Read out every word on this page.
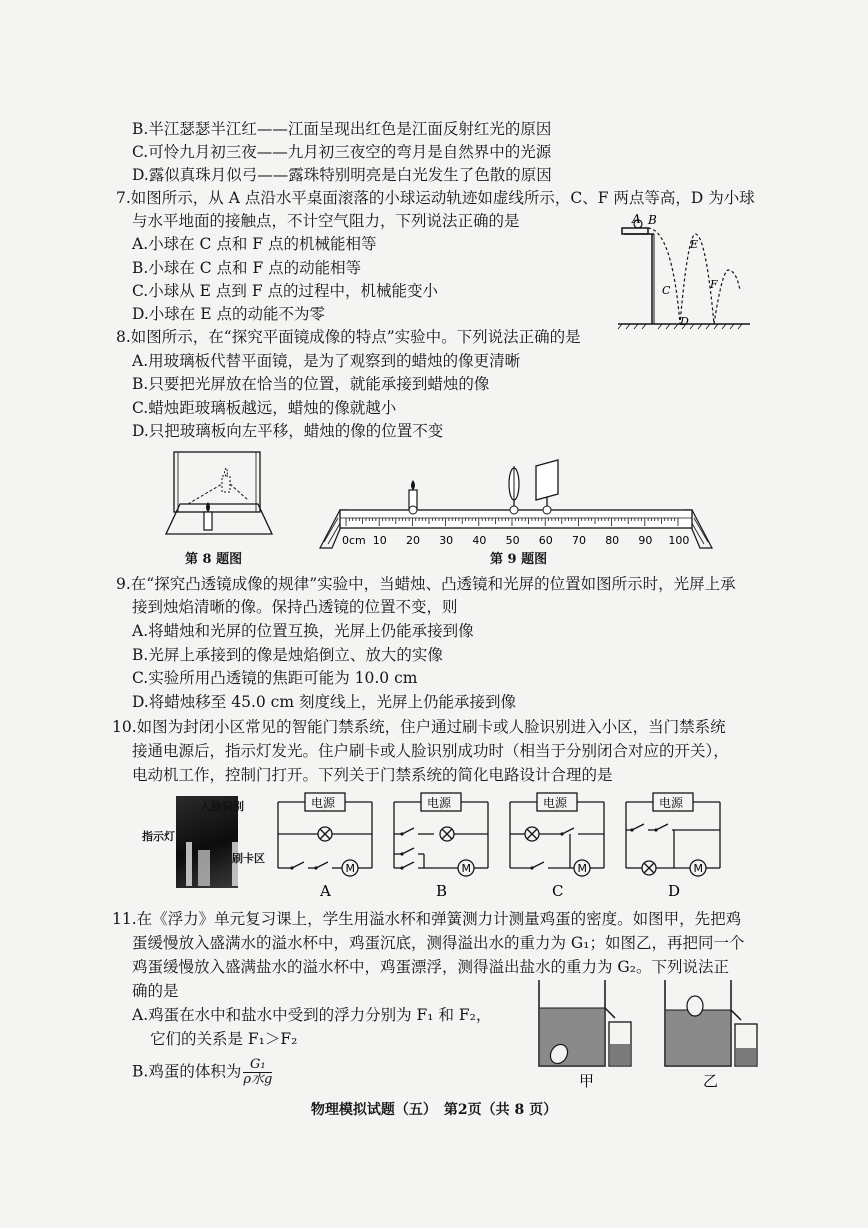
B.半江瑟瑟半江红——江面呈现出红色是江面反射红光的原因
C.可怜九月初三夜——九月初三夜空的弯月是自然界中的光源
D.露似真珠月似弓——露珠特别明亮是白光发生了色散的原因
7.如图所示，从 A 点沿水平桌面滚落的小球运动轨迹如虚线所示，C、F 两点等高，D 为小球
与水平地面的接触点，不计空气阻力，下列说法正确的是
A.小球在 C 点和 F 点的机械能相等
B.小球在 C 点和 F 点的动能相等
C.小球从 E 点到 F 点的过程中，机械能变小
D.小球在 E 点的动能不为零
A B
C
E
F
D
8.如图所示，在“探究平面镜成像的特点”实验中。下列说法正确的是
A.用玻璃板代替平面镜，是为了观察到的蜡烛的像更清晰
B.只要把光屏放在恰当的位置，就能承接到蜡烛的像
C.蜡烛距玻璃板越远，蜡烛的像就越小
D.只把玻璃板向左平移，蜡烛的像的位置不变
第 8 题图
0cm 10 20 30 40 50 60 70 80 90 100
第 9 题图
9.在“探究凸透镜成像的规律”实验中，当蜡烛、凸透镜和光屏的位置如图所示时，光屏上承
接到烛焰清晰的像。保持凸透镜的位置不变，则
A.将蜡烛和光屏的位置互换，光屏上仍能承接到像
B.光屏上承接到的像是烛焰倒立、放大的实像
C.实验所用凸透镜的焦距可能为 10.0 cm
D.将蜡烛移至 45.0 cm 刻度线上，光屏上仍能承接到像
10.如图为封闭小区常见的智能门禁系统，住户通过刷卡或人脸识别进入小区，当门禁系统
接通电源后，指示灯发光。住户刷卡或人脸识别成功时（相当于分别闭合对应的开关），
电动机工作，控制门打开。下列关于门禁系统的简化电路设计合理的是
人脸识别
指示灯
刷卡区
电源
M
A
电源
M
B
电源
M
C
电源
M
D
11.在《浮力》单元复习课上，学生用溢水杯和弹簧测力计测量鸡蛋的密度。如图甲，先把鸡
蛋缓慢放入盛满水的溢水杯中，鸡蛋沉底，测得溢出水的重力为 G₁；如图乙，再把同一个
鸡蛋缓慢放入盛满盐水的溢水杯中，鸡蛋漂浮，测得溢出盐水的重力为 G₂。下列说法正
确的是
A.鸡蛋在水中和盐水中受到的浮力分别为 F₁ 和 F₂，
它们的关系是 F₁＞F₂
B.鸡蛋的体积为 $\frac{\text{G₁}}{\text{ρ水g}}$	甲	乙
物理模拟试题（五）　第2页（共 8 页）
